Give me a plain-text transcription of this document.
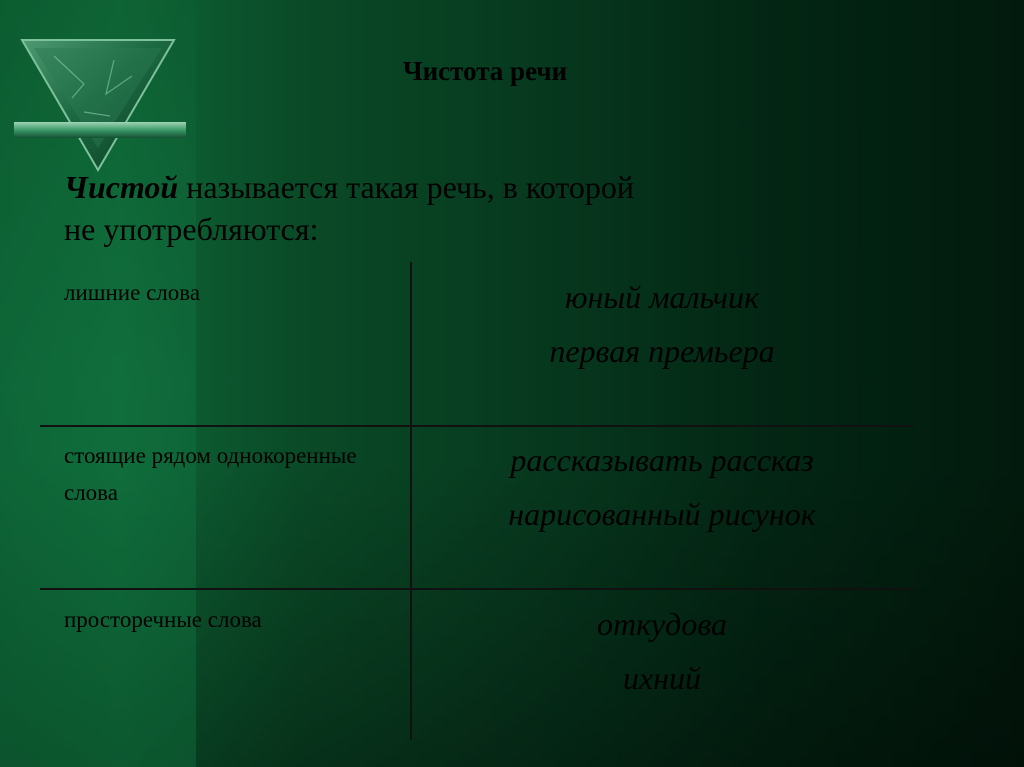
Чистота речи
Чистой называется такая речь, в которой
не употребляются:
лишние слова	юный мальчик
первая премьера
стоящие рядом однокоренные слова
рассказывать рассказ
нарисованный рисунок
просторечные слова	откудова
ихний
